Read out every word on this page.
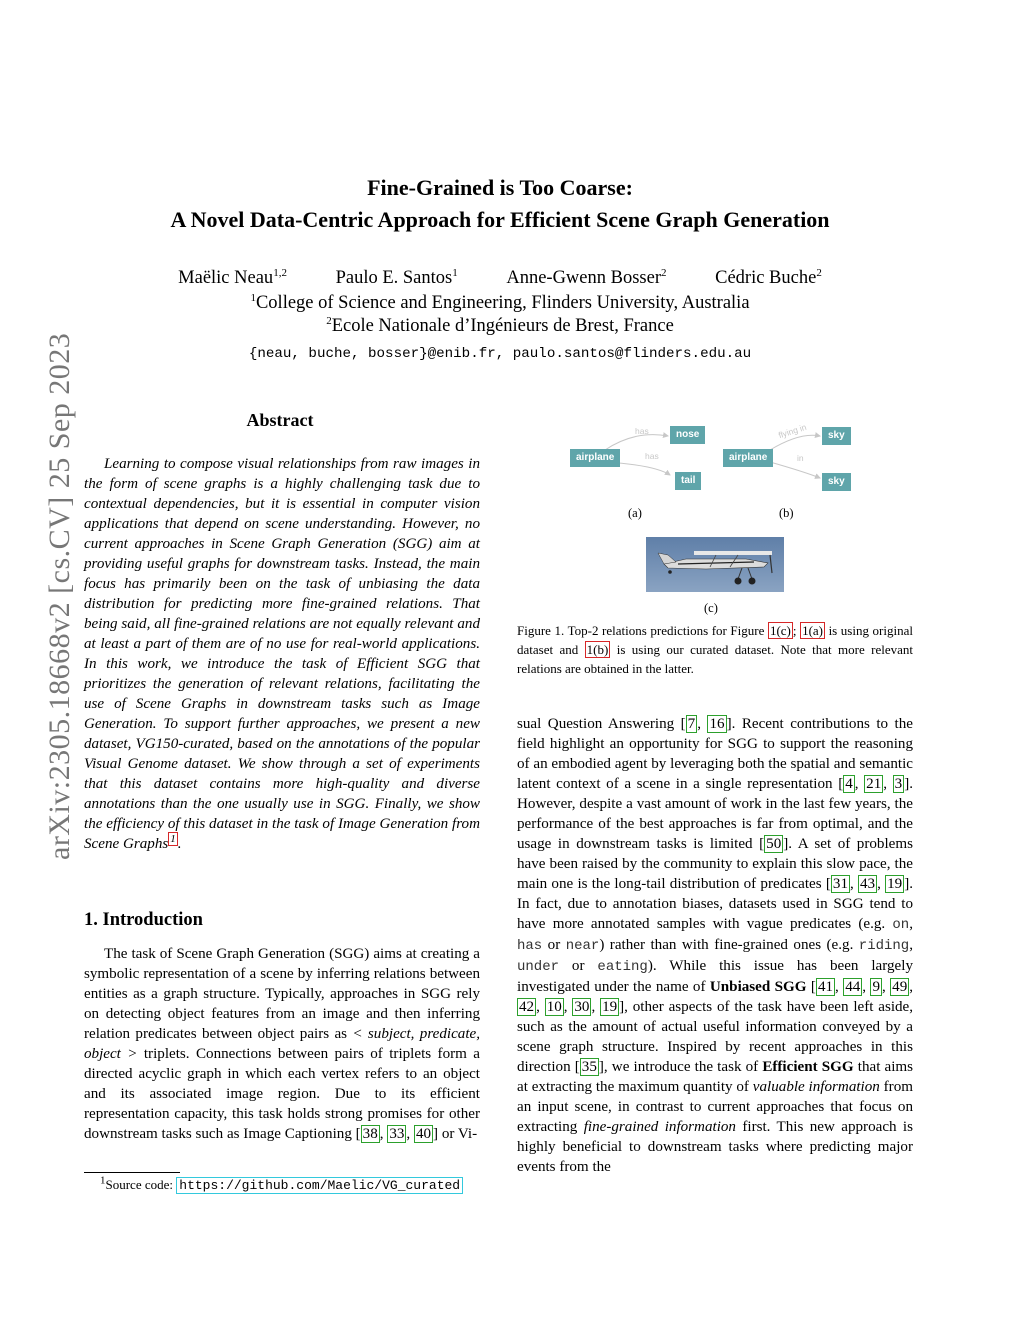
arXiv:2305.18668v2 [cs.CV] 25 Sep 2023
Fine-Grained is Too Coarse:
A Novel Data-Centric Approach for Efficient Scene Graph Generation
Maëlic Neau$^{1,2}$	Paulo E. Santos$^1$	Anne-Gwenn Bosser$^2$	Cédric Buche$^2$
$^1$College of Science and Engineering, Flinders University, Australia
$^2$Ecole Nationale d’Ingénieurs de Brest, France
{neau, buche, bosser}@enib.fr, paulo.santos@flinders.edu.au
Abstract
Learning to compose visual relationships from raw images in the form of scene graphs is a highly challenging task due to contextual dependencies, but it is essential in computer vision applications that depend on scene understanding. However, no current approaches in Scene Graph Generation (SGG) aim at providing useful graphs for downstream tasks. Instead, the main focus has primarily been on the task of unbiasing the data distribution for predicting more fine-grained relations. That being said, all fine-grained relations are not equally relevant and at least a part of them are of no use for real-world applications. In this work, we introduce the task of Efficient SGG that prioritizes the generation of relevant relations, facilitating the use of Scene Graphs in downstream tasks such as Image Generation. To support further approaches, we present a new dataset, VG150-curated, based on the annotations of the popular Visual Genome dataset. We show through a set of experiments that this dataset contains more high-quality and diverse annotations than the one usually use in SGG. Finally, we show the efficiency of this dataset in the task of Image Generation from Scene Graphs $^1$ .
1. Introduction
The task of Scene Graph Generation (SGG) aims at creating a symbolic representation of a scene by inferring relations between entities as a graph structure. Typically, approaches in SGG rely on detecting object features from an image and then inferring relation predicates between object pairs as < subject, predicate, object > triplets. Connections between pairs of triplets form a directed acyclic graph in which each vertex refers to an object and its associated image region. Due to its efficient representation capacity, this task holds strong promises for other downstream tasks such as Image Captioning [ 38 , 33 , 40 ] or Vi-
$^1$Source code: https://github.com/Maelic/VG_curated
has
has
airplane
nose
tail
(a)
flying in
in
airplane
sky
sky
(b)
(c)
Figure 1. Top-2 relations predictions for Figure 1(c) ; 1(a) is using original dataset and 1(b) is using our curated dataset. Note that more relevant relations are obtained in the latter.
sual Question Answering [ 7 , 16 ]. Recent contributions to the field highlight an opportunity for SGG to support the reasoning of an embodied agent by leveraging both the spatial and semantic latent context of a scene in a single representation [ 4 , 21 , 3 ]. However, despite a vast amount of work in the last few years, the performance of the best approaches is far from optimal, and the usage in downstream tasks is limited [ 50 ]. A set of problems have been raised by the community to explain this slow pace, the main one is the long-tail distribution of predicates [ 31 , 43 , 19 ]. In fact, due to annotation biases, datasets used in SGG tend to have more annotated samples with vague predicates (e.g. on, has or near) rather than with fine-grained ones (e.g. riding, under or eating). While this issue has been largely investigated under the name of Unbiased SGG [ 41 , 44 , 9 , 49 , 42 , 10 , 30 , 19 ], other aspects of the task have been left aside, such as the amount of actual useful information conveyed by a scene graph structure. Inspired by recent approaches in this direction [ 35 ], we introduce the task of Efficient SGG that aims at extracting the maximum quantity of valuable information from an input scene, in contrast to current approaches that focus on extracting fine-grained information first. This new approach is highly beneficial to downstream tasks where predicting major events from the
